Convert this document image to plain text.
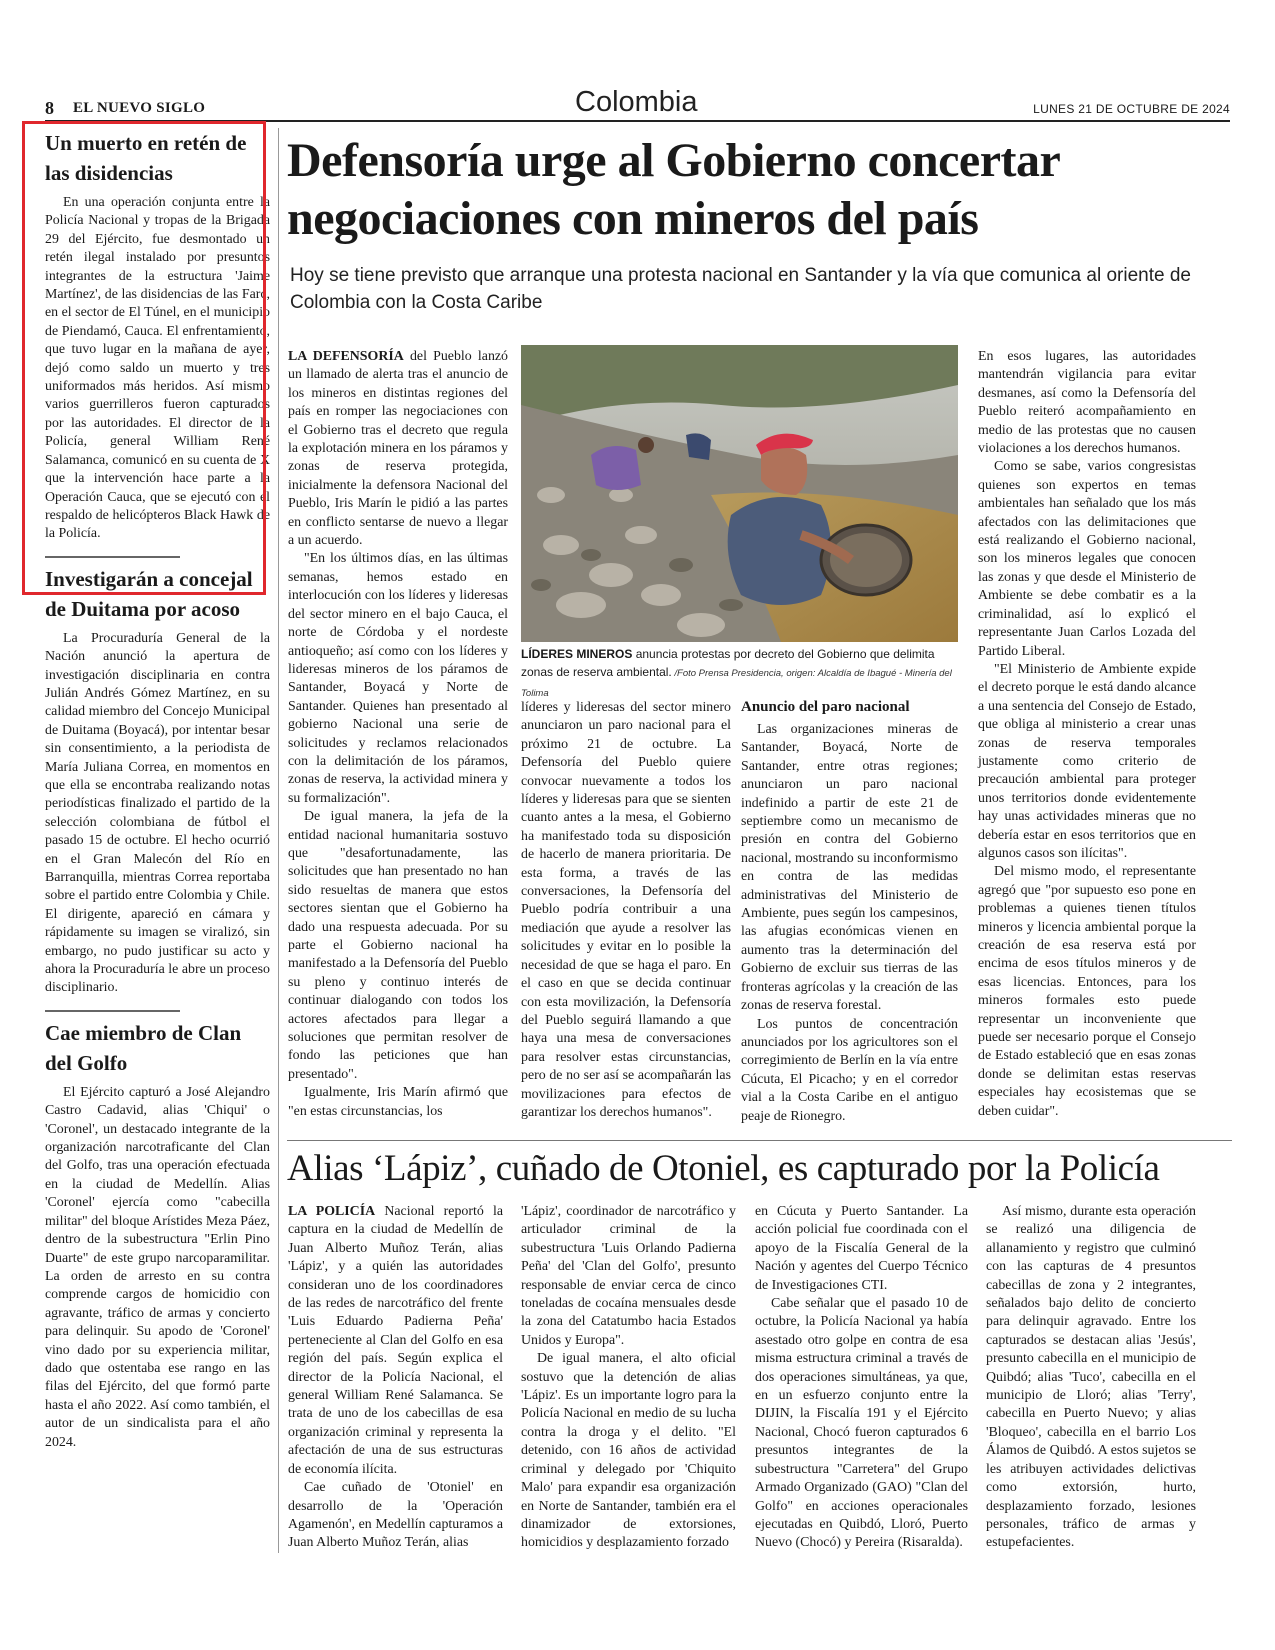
8 EL NUEVO SIGLO	Colombia	LUNES 21 DE OCTUBRE DE 2024
Un muerto en retén de las disidencias

En una operación conjunta entre la Policía Nacional y tropas de la Brigada 29 del Ejército, fue desmontado un retén ilegal instalado por presuntos integrantes de la estructura 'Jaime Martínez', de las disidencias de las Farc, en el sector de El Túnel, en el municipio de Piendamó, Cauca. El enfrentamiento, que tuvo lugar en la mañana de ayer, dejó como saldo un muerto y tres uniformados más heridos. Así mismo varios guerrilleros fueron capturados por las autoridades. El director de la Policía, general William René Salamanca, comunicó en su cuenta de X que la intervención hace parte a la Operación Cauca, que se ejecutó con el respaldo de helicópteros Black Hawk de la Policía.

Investigarán a concejal de Duitama por acoso

La Procuraduría General de la Nación anunció la apertura de investigación disciplinaria en contra Julián Andrés Gómez Martínez, en su calidad miembro del Concejo Municipal de Duitama (Boyacá), por intentar besar sin consentimiento, a la periodista de María Juliana Correa, en momentos en que ella se encontraba realizando notas periodísticas finalizado el partido de la selección colombiana de fútbol el pasado 15 de octubre. El hecho ocurrió en el Gran Malecón del Río en Barranquilla, mientras Correa reportaba sobre el partido entre Colombia y Chile. El dirigente, apareció en cámara y rápidamente su imagen se viralizó, sin embargo, no pudo justificar su acto y ahora la Procuraduría le abre un proceso disciplinario.

Cae miembro de Clan del Golfo

El Ejército capturó a José Alejandro Castro Cadavid, alias 'Chiqui' o 'Coronel', un destacado integrante de la organización narcotraficante del Clan del Golfo, tras una operación efectuada en la ciudad de Medellín. Alias 'Coronel' ejercía como "cabecilla militar" del bloque Arístides Meza Páez, dentro de la subestructura "Erlin Pino Duarte" de este grupo narcoparamilitar. La orden de arresto en su contra comprende cargos de homicidio con agravante, tráfico de armas y concierto para delinquir. Su apodo de 'Coronel' vino dado por su experiencia militar, dado que ostentaba ese rango en las filas del Ejército, del que formó parte hasta el año 2022. Así como también, el autor de un sindicalista para el año 2024.

Defensoría urge al Gobierno concertar negociaciones con mineros del país

Hoy se tiene previsto que arranque una protesta nacional en Santander y la vía que comunica al oriente de Colombia con la Costa Caribe

LA DEFENSORÍA del Pueblo lanzó un llamado de alerta tras el anuncio de los mineros en distintas regiones del país en romper las negociaciones con el Gobierno tras el decreto que regula la explotación minera en los páramos y zonas de reserva protegida, inicialmente la defensora Nacional del Pueblo, Iris Marín le pidió a las partes en conflicto sentarse de nuevo a llegar a un acuerdo.

"En los últimos días, en las últimas semanas, hemos estado en interlocución con los líderes y lideresas del sector minero en el bajo Cauca, el norte de Córdoba y el nordeste antioqueño; así como con los líderes y lideresas mineros de los páramos de Santander, Boyacá y Norte de Santander. Quienes han presentado al gobierno Nacional una serie de solicitudes y reclamos relacionados con la delimitación de los páramos, zonas de reserva, la actividad minera y su formalización".

De igual manera, la jefa de la entidad nacional humanitaria sostuvo que "desafortunadamente, las solicitudes que han presentado no han sido resueltas de manera que estos sectores sientan que el Gobierno ha dado una respuesta adecuada. Por su parte el Gobierno nacional ha manifestado a la Defensoría del Pueblo su pleno y continuo interés de continuar dialogando con todos los actores afectados para llegar a soluciones que permitan resolver de fondo las peticiones que han presentado".

Igualmente, Iris Marín afirmó que "en estas circunstancias, los

LÍDERES MINEROS anuncia protestas por decreto del Gobierno que delimita zonas de reserva ambiental. /Foto Prensa Presidencia, origen: Alcaldía de Ibagué - Minería del Tolima

líderes y lideresas del sector minero anunciaron un paro nacional para el próximo 21 de octubre. La Defensoría del Pueblo quiere convocar nuevamente a todos los líderes y lideresas para que se sienten cuanto antes a la mesa, el Gobierno ha manifestado toda su disposición de hacerlo de manera prioritaria. De esta forma, a través de las conversaciones, la Defensoría del Pueblo podría contribuir a una mediación que ayude a resolver las solicitudes y evitar en lo posible la necesidad de que se haga el paro. En el caso en que se decida continuar con esta movilización, la Defensoría del Pueblo seguirá llamando a que haya una mesa de conversaciones para resolver estas circunstancias, pero de no ser así se acompañarán las movilizaciones para efectos de garantizar los derechos humanos".

Anuncio del paro nacional

Las organizaciones mineras de Santander, Boyacá, Norte de Santander, entre otras regiones; anunciaron un paro nacional indefinido a partir de este 21 de septiembre como un mecanismo de presión en contra del Gobierno nacional, mostrando su inconformismo en contra de las medidas administrativas del Ministerio de Ambiente, pues según los campesinos, las afugias económicas vienen en aumento tras la determinación del Gobierno de excluir sus tierras de las fronteras agrícolas y la creación de las zonas de reserva forestal.

Los puntos de concentración anunciados por los agricultores son el corregimiento de Berlín en la vía entre Cúcuta, El Picacho; y en el corredor vial a la Costa Caribe en el antiguo peaje de Rionegro.

En esos lugares, las autoridades mantendrán vigilancia para evitar desmanes, así como la Defensoría del Pueblo reiteró acompañamiento en medio de las protestas que no causen violaciones a los derechos humanos.

Como se sabe, varios congresistas quienes son expertos en temas ambientales han señalado que los más afectados con las delimitaciones que está realizando el Gobierno nacional, son los mineros legales que conocen las zonas y que desde el Ministerio de Ambiente se debe combatir es a la criminalidad, así lo explicó el representante Juan Carlos Lozada del Partido Liberal.

"El Ministerio de Ambiente expide el decreto porque le está dando alcance a una sentencia del Consejo de Estado, que obliga al ministerio a crear unas zonas de reserva temporales justamente como criterio de precaución ambiental para proteger unos territorios donde evidentemente hay unas actividades mineras que no debería estar en esos territorios que en algunos casos son ilícitas".

Del mismo modo, el representante agregó que "por supuesto eso pone en problemas a quienes tienen títulos mineros y licencia ambiental porque la creación de esa reserva está por encima de esos títulos mineros y de esas licencias. Entonces, para los mineros formales esto puede representar un inconveniente que puede ser necesario porque el Consejo de Estado estableció que en esas zonas donde se delimitan estas reservas especiales hay ecosistemas que se deben cuidar".

Alias ‘Lápiz’, cuñado de Otoniel, es capturado por la Policía

LA POLICÍA Nacional reportó la captura en la ciudad de Medellín de Juan Alberto Muñoz Terán, alias 'Lápiz', y a quién las autoridades consideran uno de los coordinadores de las redes de narcotráfico del frente 'Luis Eduardo Padierna Peña' perteneciente al Clan del Golfo en esa región del país. Según explica el director de la Policía Nacional, el general William René Salamanca. Se trata de uno de los cabecillas de esa organización criminal y representa la afectación de una de sus estructuras de economía ilícita.

Cae cuñado de 'Otoniel' en desarrollo de la 'Operación Agamenón', en Medellín capturamos a Juan Alberto Muñoz Terán, alias

'Lápiz', coordinador de narcotráfico y articulador criminal de la subestructura 'Luis Orlando Padierna Peña' del 'Clan del Golfo', presunto responsable de enviar cerca de cinco toneladas de cocaína mensuales desde la zona del Catatumbo hacia Estados Unidos y Europa".

De igual manera, el alto oficial sostuvo que la detención de alias 'Lápiz'. Es un importante logro para la Policía Nacional en medio de su lucha contra la droga y el delito. "El detenido, con 16 años de actividad criminal y delegado por 'Chiquito Malo' para expandir esa organización en Norte de Santander, también era el dinamizador de extorsiones, homicidios y desplazamiento forzado

en Cúcuta y Puerto Santander. La acción policial fue coordinada con el apoyo de la Fiscalía General de la Nación y agentes del Cuerpo Técnico de Investigaciones CTI.

Cabe señalar que el pasado 10 de octubre, la Policía Nacional ya había asestado otro golpe en contra de esa misma estructura criminal a través de dos operaciones simultáneas, ya que, en un esfuerzo conjunto entre la DIJIN, la Fiscalía 191 y el Ejército Nacional, Chocó fueron capturados 6 presuntos integrantes de la subestructura "Carretera" del Grupo Armado Organizado (GAO) "Clan del Golfo" en acciones operacionales ejecutadas en Quibdó, Lloró, Puerto Nuevo (Chocó) y Pereira (Risaralda).

Así mismo, durante esta operación se realizó una diligencia de allanamiento y registro que culminó con las capturas de 4 presuntos cabecillas de zona y 2 integrantes, señalados bajo delito de concierto para delinquir agravado. Entre los capturados se destacan alias 'Jesús', presunto cabecilla en el municipio de Quibdó; alias 'Tuco', cabecilla en el municipio de Lloró; alias 'Terry', cabecilla en Puerto Nuevo; y alias 'Bloqueo', cabecilla en el barrio Los Álamos de Quibdó. A estos sujetos se les atribuyen actividades delictivas como extorsión, hurto, desplazamiento forzado, lesiones personales, tráfico de armas y estupefacientes.
